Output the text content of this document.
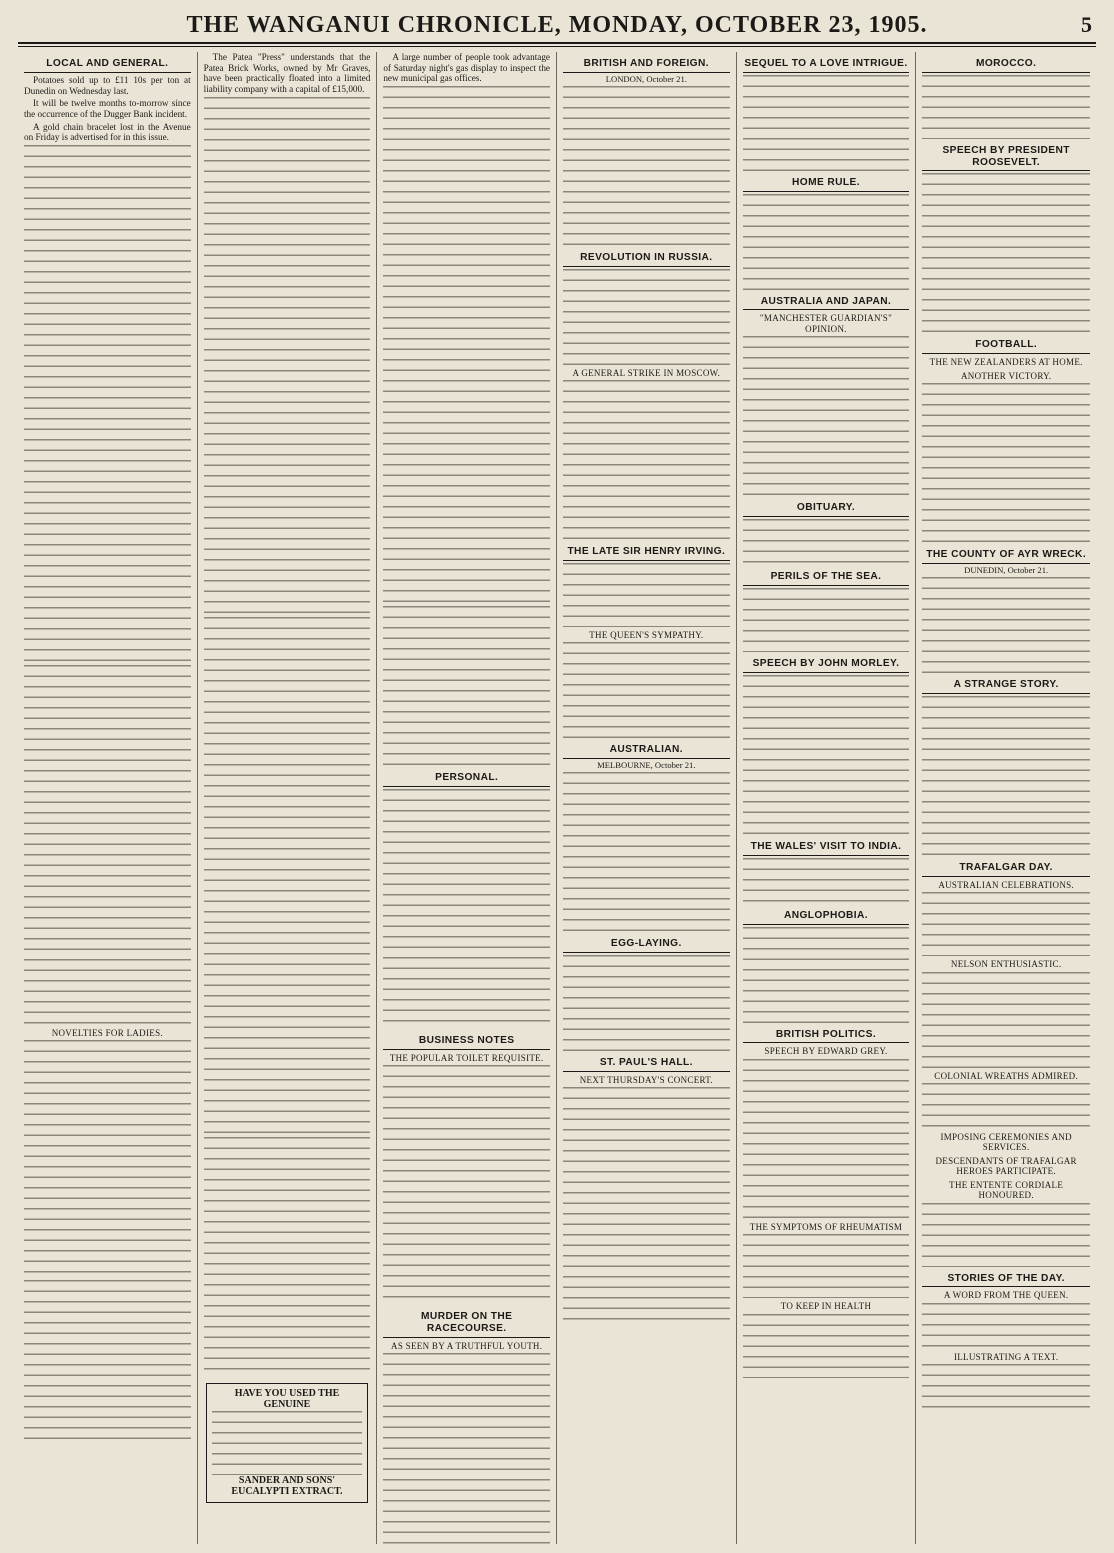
THE WANGANUI CHRONICLE, MONDAY, OCTOBER 23, 1905.	5
LOCAL AND GENERAL.

Potatoes sold up to £11 10s per ton at Dunedin on Wednesday last.

It will be twelve months to-morrow since the occurrence of the Dugger Bank incident.

A gold chain bracelet lost in the Avenue on Friday is advertised for in this issue.

NOVELTIES FOR LADIES.

The Patea "Press" understands that the Patea Brick Works, owned by Mr Graves, have been practically floated into a limited liability company with a capital of £15,000.

HAVE YOU USED THE GENUINE
SANDER AND SONS' EUCALYPTI EXTRACT.

A large number of people took advantage of Saturday night's gas display to inspect the new municipal gas offices.

PERSONAL.
BUSINESS NOTES
THE POPULAR TOILET REQUISITE.
MURDER ON THE RACECOURSE.
AS SEEN BY A TRUTHFUL YOUTH.
BRITISH AND FOREIGN.
LONDON, October 21.
REVOLUTION IN RUSSIA.
A GENERAL STRIKE IN MOSCOW.
THE LATE SIR HENRY IRVING.
THE QUEEN'S SYMPATHY.
AUSTRALIAN.
MELBOURNE, October 21.
EGG-LAYING.
ST. PAUL'S HALL.
NEXT THURSDAY'S CONCERT.
SEQUEL TO A LOVE INTRIGUE.
HOME RULE.
AUSTRALIA AND JAPAN.
"MANCHESTER GUARDIAN'S" OPINION.
OBITUARY.
PERILS OF THE SEA.
SPEECH BY JOHN MORLEY.
THE WALES' VISIT TO INDIA.
ANGLOPHOBIA.
BRITISH POLITICS.
SPEECH BY EDWARD GREY.
THE SYMPTOMS OF RHEUMATISM
TO KEEP IN HEALTH
MOROCCO.
SPEECH BY PRESIDENT ROOSEVELT.
FOOTBALL.
THE NEW ZEALANDERS AT HOME.
ANOTHER VICTORY.
THE COUNTY OF AYR WRECK.
DUNEDIN, October 21.
A STRANGE STORY.
TRAFALGAR DAY.
AUSTRALIAN CELEBRATIONS.
NELSON ENTHUSIASTIC.
COLONIAL WREATHS ADMIRED.
IMPOSING CEREMONIES AND SERVICES.
DESCENDANTS OF TRAFALGAR HEROES PARTICIPATE.
THE ENTENTE CORDIALE HONOURED.
STORIES OF THE DAY.
A WORD FROM THE QUEEN.
ILLUSTRATING A TEXT.
